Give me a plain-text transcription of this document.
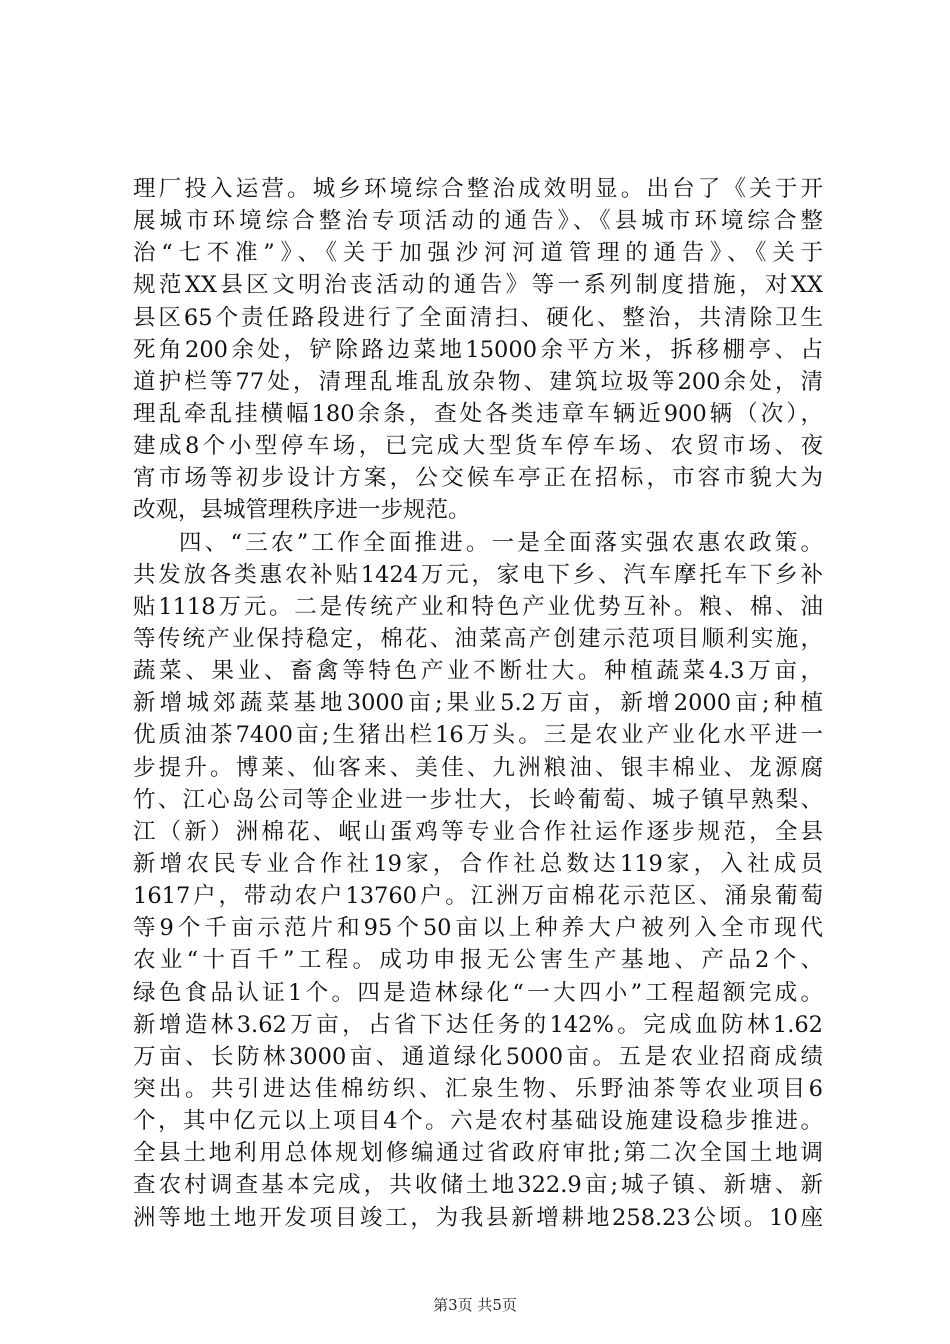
理厂投入运营。城乡环境综合整治成效明显。出台了《关于开
展城市环境综合整治专项活动的通告》、《县城市环境综合整
治“七不准”》、《关于加强沙河河道管理的通告》、《关于
规范XX县区文明治丧活动的通告》等一系列制度措施，对XX
县区65个责任路段进行了全面清扫、硬化、整治，共清除卫生
死角200余处，铲除路边菜地15000余平方米，拆移棚亭、占
道护栏等77处，清理乱堆乱放杂物、建筑垃圾等200余处，清
理乱牵乱挂横幅180余条，查处各类违章车辆近900辆（次），
建成8个小型停车场，已完成大型货车停车场、农贸市场、夜
宵市场等初步设计方案，公交候车亭正在招标，市容市貌大为
改观，县城管理秩序进一步规范。
四、“三农”工作全面推进。一是全面落实强农惠农政策。
共发放各类惠农补贴1424万元，家电下乡、汽车摩托车下乡补
贴1118万元。二是传统产业和特色产业优势互补。粮、棉、油
等传统产业保持稳定，棉花、油菜高产创建示范项目顺利实施，
蔬菜、果业、畜禽等特色产业不断壮大。种植蔬菜4.3万亩，
新增城郊蔬菜基地3000亩;果业5.2万亩，新增2000亩;种植
优质油茶7400亩;生猪出栏16万头。三是农业产业化水平进一
步提升。博莱、仙客来、美佳、九洲粮油、银丰棉业、龙源腐
竹、江心岛公司等企业进一步壮大，长岭葡萄、城子镇早熟梨、
江（新）洲棉花、岷山蛋鸡等专业合作社运作逐步规范，全县
新增农民专业合作社19家，合作社总数达119家，入社成员
1617户，带动农户13760户。江洲万亩棉花示范区、涌泉葡萄
等9个千亩示范片和95个50亩以上种养大户被列入全市现代
农业“十百千”工程。成功申报无公害生产基地、产品2个、
绿色食品认证1个。四是造林绿化“一大四小”工程超额完成。
新增造林3.62万亩，占省下达任务的142%。完成血防林1.62
万亩、长防林3000亩、通道绿化5000亩。五是农业招商成绩
突出。共引进达佳棉纺织、汇泉生物、乐野油茶等农业项目6
个，其中亿元以上项目4个。六是农村基础设施建设稳步推进。
全县土地利用总体规划修编通过省政府审批;第二次全国土地调
查农村调查基本完成，共收储土地322.9亩;城子镇、新塘、新
洲等地土地开发项目竣工，为我县新增耕地258.23公顷。10座
第3页 共5页
